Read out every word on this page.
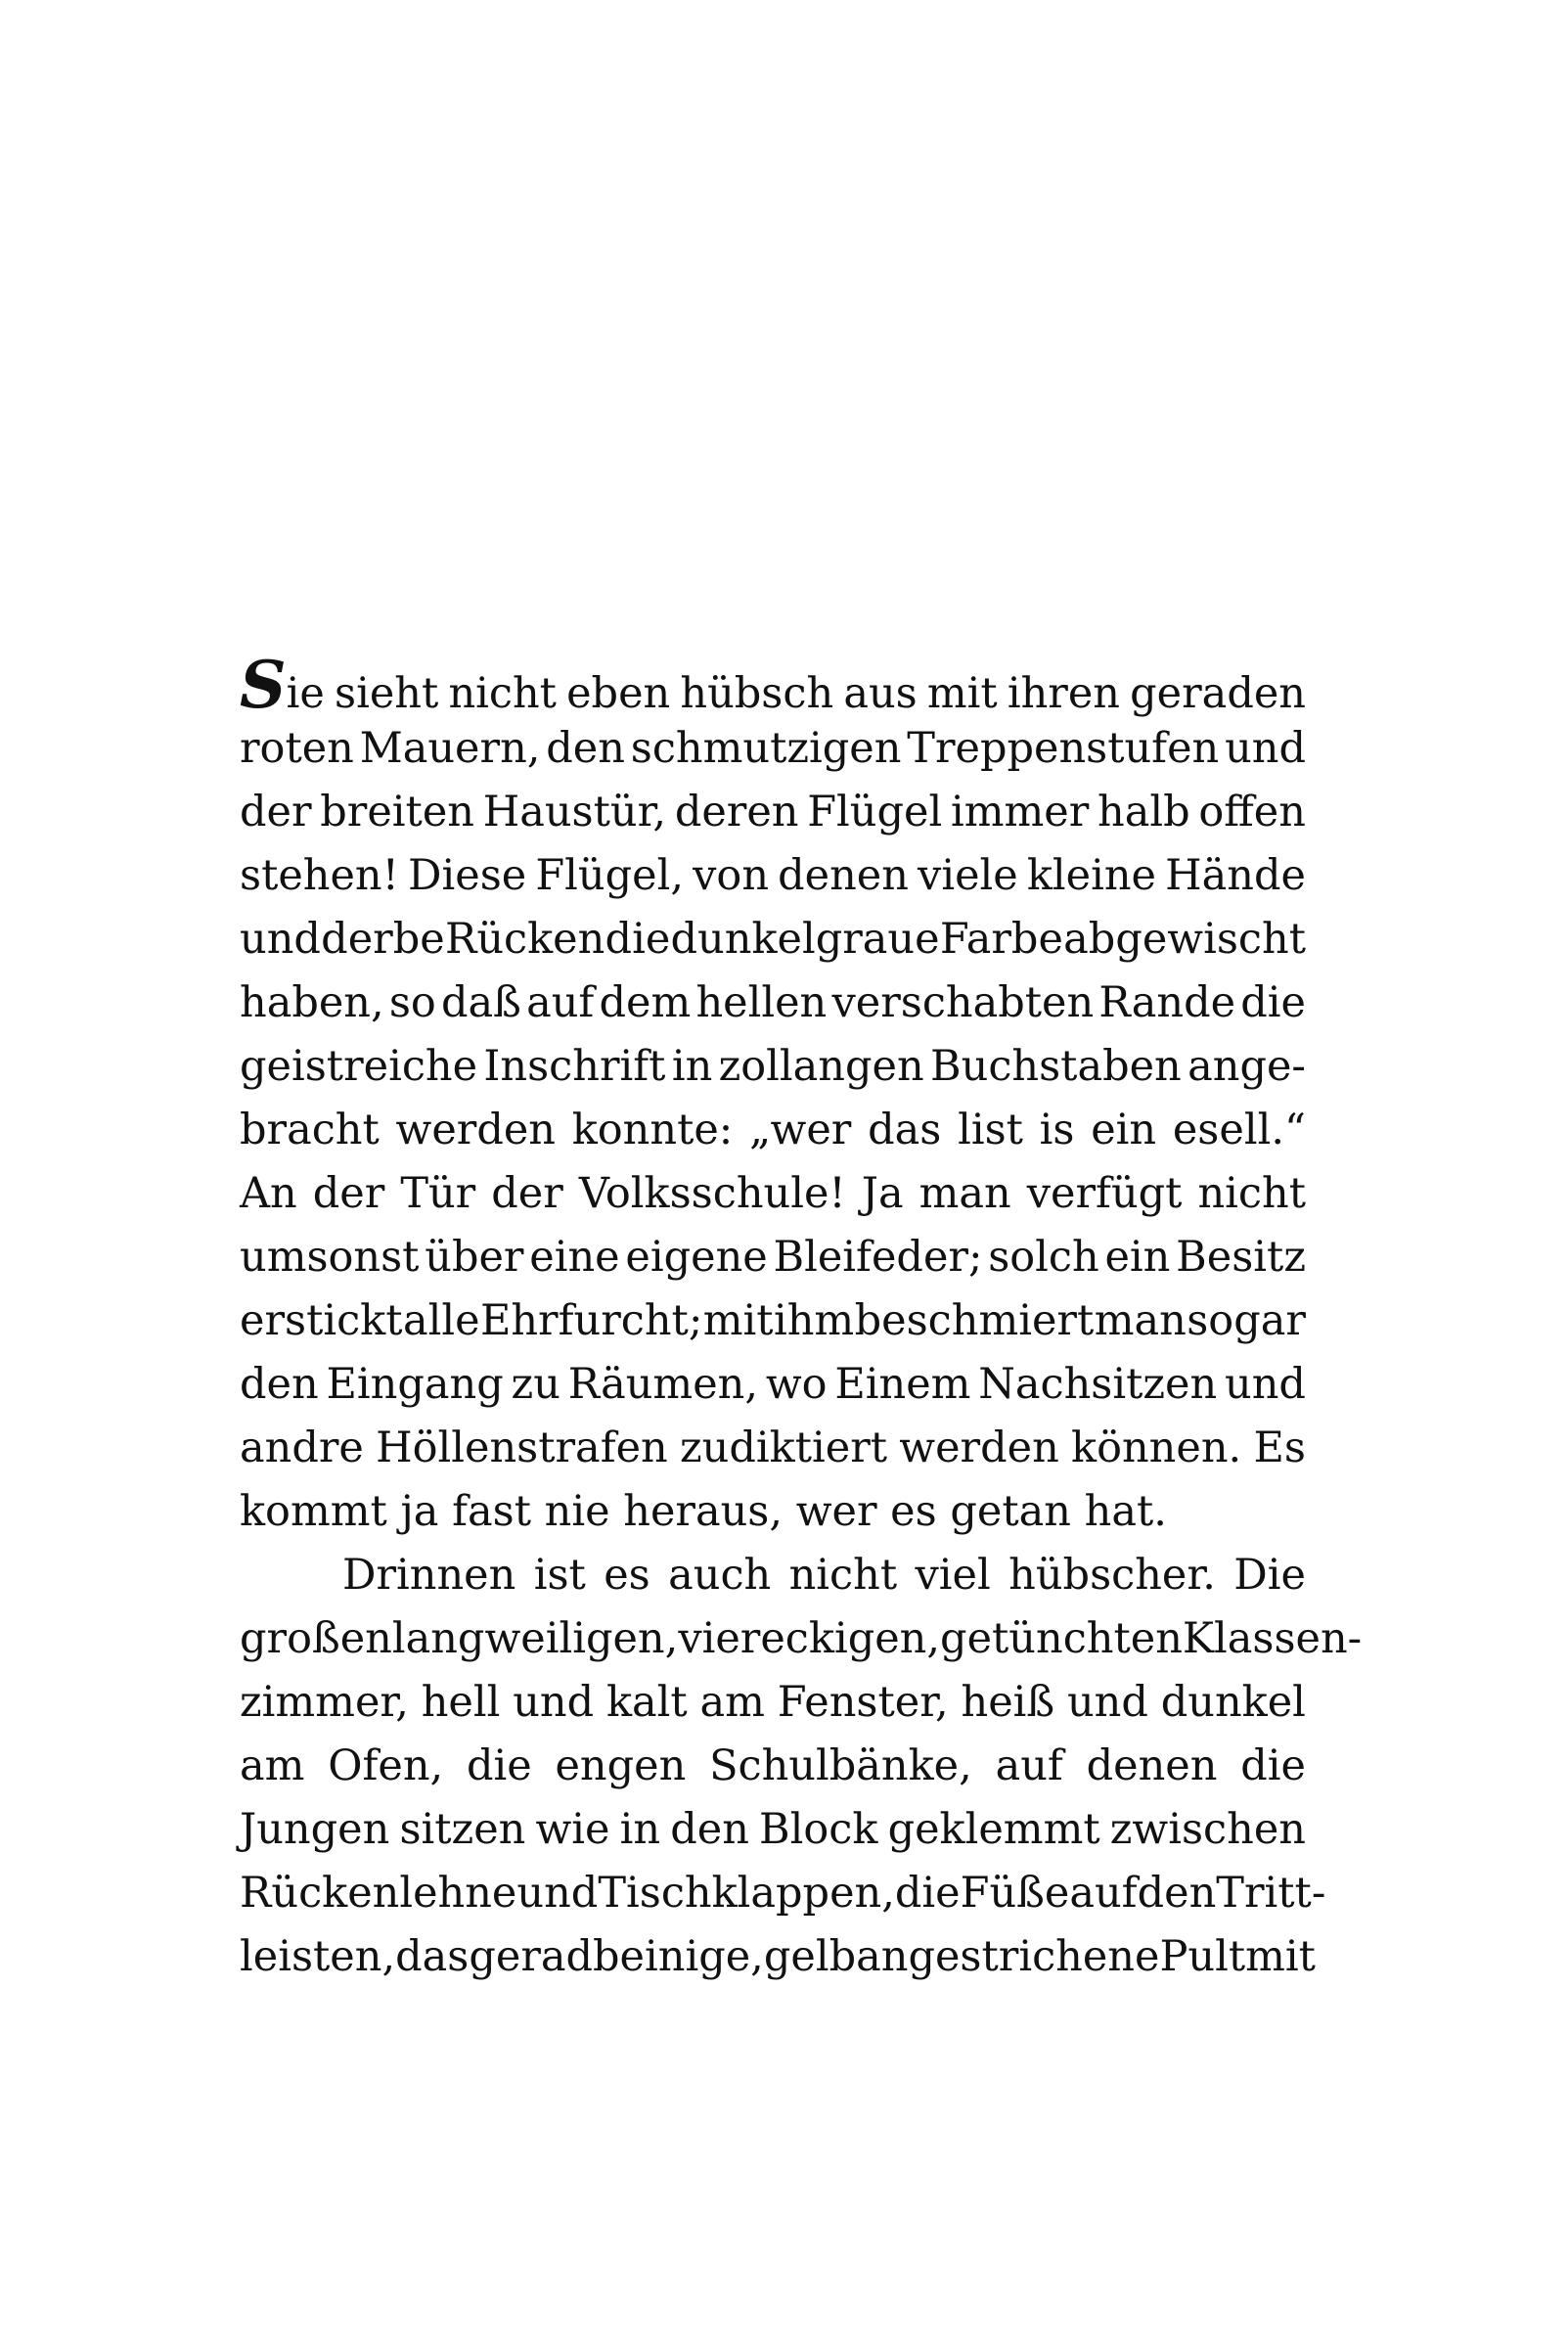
Sie sieht nicht eben hübsch aus mit ihren geraden
roten Mauern, den schmutzigen Treppenstufen und
der breiten Haustür, deren Flügel immer halb offen
stehen! Diese Flügel, von denen viele kleine Hände
und derbe Rücken die dunkelgraue Farbe abgewischt
haben, so daß auf dem hellen verschabten Rande die
geistreiche Inschrift in zollangen Buchstaben ange-
bracht werden konnte: „wer das list is ein esell.“
An der Tür der Volksschule! Ja man verfügt nicht
umsonst über eine eigene Bleifeder; solch ein Besitz
erstickt alle Ehrfurcht; mit ihm beschmiert man sogar
den Eingang zu Räumen, wo Einem Nachsitzen und
andre Höllenstrafen zudiktiert werden können. Es
kommt
ja
fast
nie
heraus,
wer
es
getan
hat.
Drinnen ist es auch nicht viel hübscher. Die
großen langweiligen, viereckigen, getünchten Klassen-
zimmer, hell und kalt am Fenster, heiß und dunkel
am Ofen, die engen Schulbänke, auf denen die
Jungen sitzen wie in den Block geklemmt zwischen
Rückenlehne und Tischklappen, die Füße auf den Tritt-
leisten, das geradbeinige, gelb angestrichene Pult mit
